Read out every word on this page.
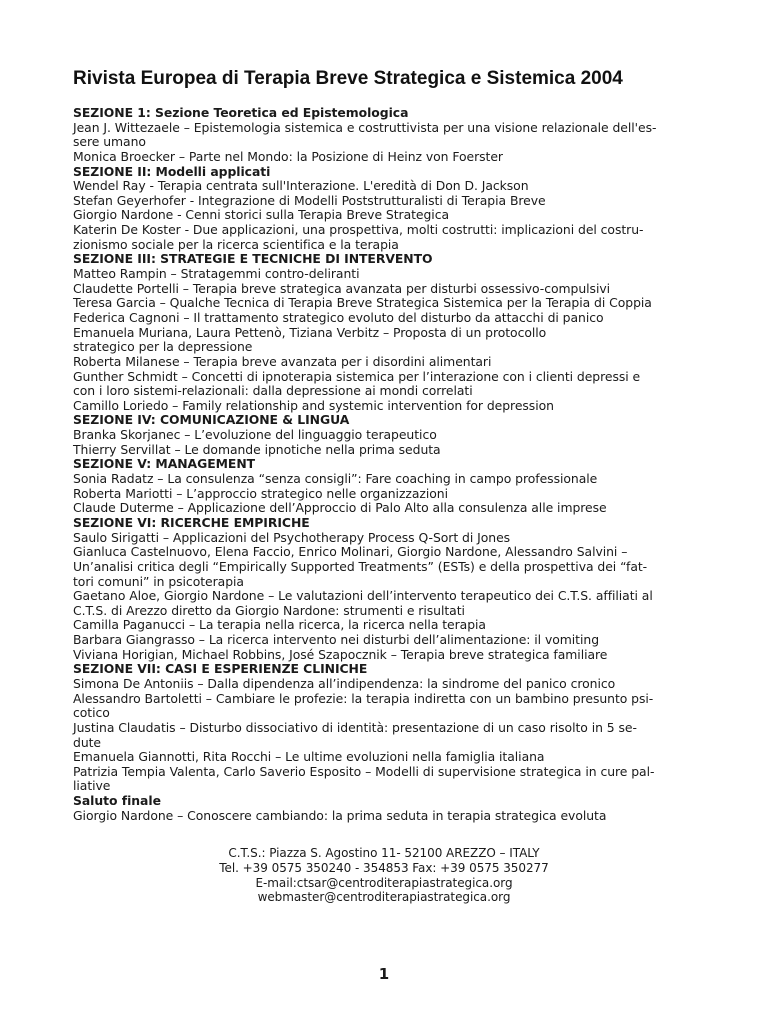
Rivista Europea di Terapia Breve Strategica e Sistemica 2004
SEZIONE 1: Sezione Teoretica ed Epistemologica
Jean J. Wittezaele – Epistemologia sistemica e costruttivista per una visione relazionale dell'es-
sere umano
Monica Broecker – Parte nel Mondo: la Posizione di Heinz von Foerster
SEZIONE II: Modelli applicati
Wendel Ray - Terapia centrata sull'Interazione. L'eredità di Don D. Jackson
Stefan Geyerhofer - Integrazione di Modelli Poststrutturalisti di Terapia Breve
Giorgio Nardone - Cenni storici sulla Terapia Breve Strategica
Katerin De Koster - Due applicazioni, una prospettiva, molti costrutti: implicazioni del costru-
zionismo sociale per la ricerca scientifica e la terapia
SEZIONE III: STRATEGIE E TECNICHE DI INTERVENTO
Matteo Rampin – Stratagemmi contro-deliranti
Claudette Portelli – Terapia breve strategica avanzata per disturbi ossessivo-compulsivi
Teresa Garcia – Qualche Tecnica di Terapia Breve Strategica Sistemica per la Terapia di Coppia
Federica Cagnoni – Il trattamento strategico evoluto del disturbo da attacchi di panico
Emanuela Muriana, Laura Pettenò, Tiziana Verbitz – Proposta di un protocollo
strategico per la depressione
Roberta Milanese – Terapia breve avanzata per i disordini alimentari
Gunther Schmidt – Concetti di ipnoterapia sistemica per l’interazione con i clienti depressi e
con i loro sistemi-relazionali: dalla depressione ai mondi correlati
Camillo Loriedo – Family relationship and systemic intervention for depression
SEZIONE IV: COMUNICAZIONE & LINGUA
Branka Skorjanec – L’evoluzione del linguaggio terapeutico
Thierry Servillat – Le domande ipnotiche nella prima seduta
SEZIONE V: MANAGEMENT
Sonia Radatz – La consulenza “senza consigli”: Fare coaching in campo professionale
Roberta Mariotti – L’approccio strategico nelle organizzazioni
Claude Duterme – Applicazione dell’Approccio di Palo Alto alla consulenza alle imprese
SEZIONE VI: RICERCHE EMPIRICHE
Saulo Sirigatti – Applicazioni del Psychotherapy Process Q-Sort di Jones
Gianluca Castelnuovo, Elena Faccio, Enrico Molinari, Giorgio Nardone, Alessandro Salvini –
Un’analisi critica degli “Empirically Supported Treatments” (ESTs) e della prospettiva dei “fat-
tori comuni” in psicoterapia
Gaetano Aloe, Giorgio Nardone – Le valutazioni dell’intervento terapeutico dei C.T.S. affiliati al
C.T.S. di Arezzo diretto da Giorgio Nardone: strumenti e risultati
Camilla Paganucci – La terapia nella ricerca, la ricerca nella terapia
Barbara Giangrasso – La ricerca intervento nei disturbi dell’alimentazione: il vomiting
Viviana Horigian, Michael Robbins, José Szapocznik – Terapia breve strategica familiare
SEZIONE VII: CASI E ESPERIENZE CLINICHE
Simona De Antoniis – Dalla dipendenza all’indipendenza: la sindrome del panico cronico
Alessandro Bartoletti – Cambiare le profezie: la terapia indiretta con un bambino presunto psi-
cotico
Justina Claudatis – Disturbo dissociativo di identità: presentazione di un caso risolto in 5 se-
dute
Emanuela Giannotti, Rita Rocchi – Le ultime evoluzioni nella famiglia italiana
Patrizia Tempia Valenta, Carlo Saverio Esposito – Modelli di supervisione strategica in cure pal-
liative
Saluto finale
Giorgio Nardone – Conoscere cambiando: la prima seduta in terapia strategica evoluta
C.T.S.: Piazza S. Agostino 11- 52100 AREZZO – ITALY
Tel. +39 0575 350240 - 354853 Fax: +39 0575 350277
E-mail:ctsar@centroditerapiastrategica.org
webmaster@centroditerapiastrategica.org
1
